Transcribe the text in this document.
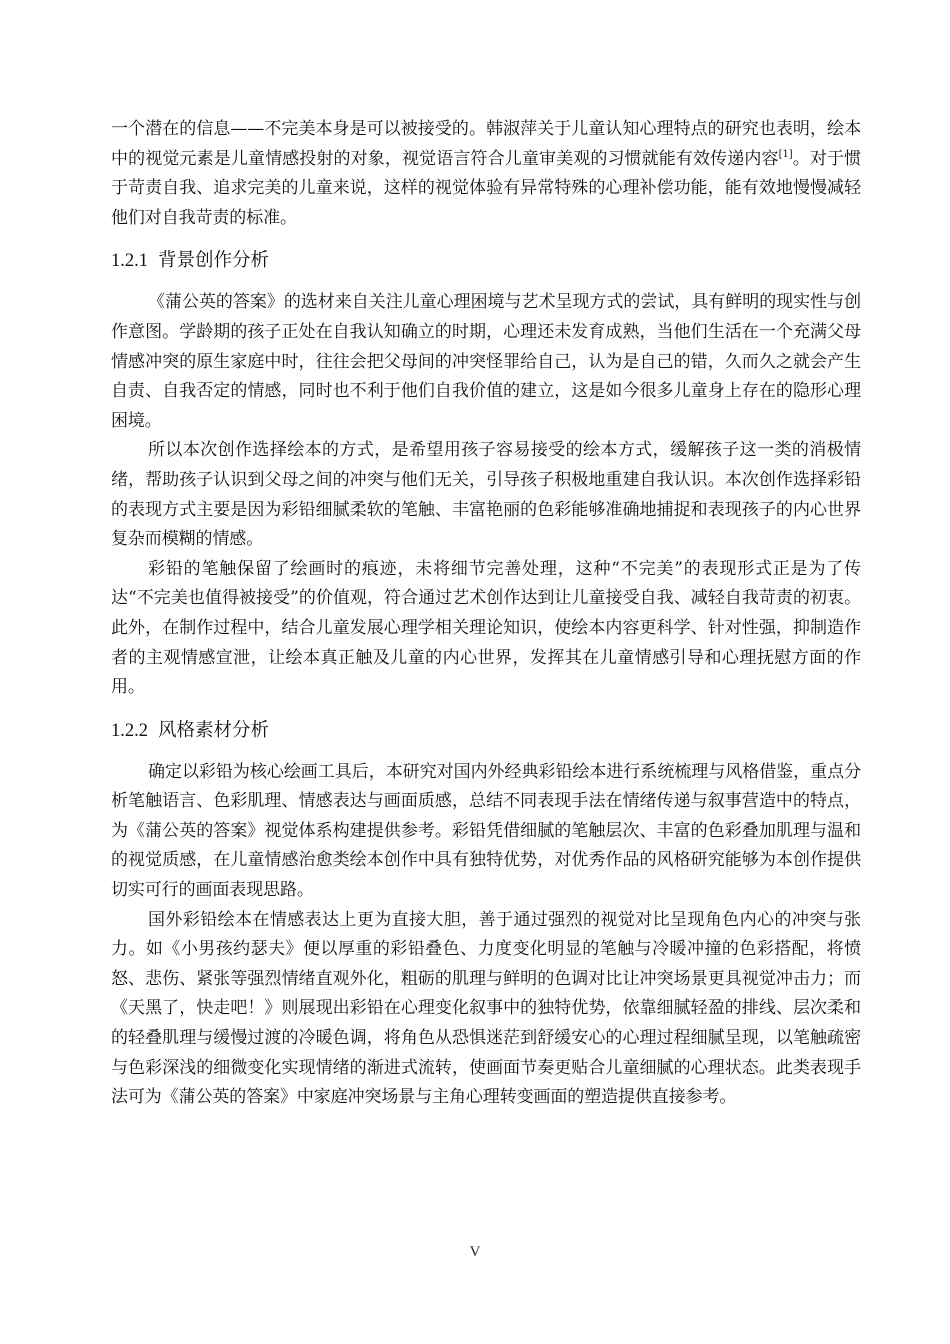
一个潜在的信息——不完美本身是可以被接受的。韩淑萍关于儿童认知心理特点的研究也表明，绘本中的视觉元素是儿童情感投射的对象，视觉语言符合儿童审美观的习惯就能有效传递内容[1]。对于惯于苛责自我、追求完美的儿童来说，这样的视觉体验有异常特殊的心理补偿功能，能有效地慢慢减轻他们对自我苛责的标准。

1.2.1 背景创作分析

《蒲公英的答案》的选材来自关注儿童心理困境与艺术呈现方式的尝试，具有鲜明的现实性与创作意图。学龄期的孩子正处在自我认知确立的时期，心理还未发育成熟，当他们生活在一个充满父母情感冲突的原生家庭中时，往往会把父母间的冲突怪罪给自己，认为是自己的错，久而久之就会产生自责、自我否定的情感，同时也不利于他们自我价值的建立，这是如今很多儿童身上存在的隐形心理困境。

所以本次创作选择绘本的方式，是希望用孩子容易接受的绘本方式，缓解孩子这一类的消极情绪，帮助孩子认识到父母之间的冲突与他们无关，引导孩子积极地重建自我认识。本次创作选择彩铅的表现方式主要是因为彩铅细腻柔软的笔触、丰富艳丽的色彩能够准确地捕捉和表现孩子的内心世界复杂而模糊的情感。

彩铅的笔触保留了绘画时的痕迹，未将细节完善处理，这种“不完美”的表现形式正是为了传达“不完美也值得被接受”的价值观，符合通过艺术创作达到让儿童接受自我、减轻自我苛责的初衷。此外，在制作过程中，结合儿童发展心理学相关理论知识，使绘本内容更科学、针对性强，抑制造作者的主观情感宣泄，让绘本真正触及儿童的内心世界，发挥其在儿童情感引导和心理抚慰方面的作用。

1.2.2 风格素材分析

确定以彩铅为核心绘画工具后，本研究对国内外经典彩铅绘本进行系统梳理与风格借鉴，重点分析笔触语言、色彩肌理、情感表达与画面质感，总结不同表现手法在情绪传递与叙事营造中的特点，为《蒲公英的答案》视觉体系构建提供参考。彩铅凭借细腻的笔触层次、丰富的色彩叠加肌理与温和的视觉质感，在儿童情感治愈类绘本创作中具有独特优势，对优秀作品的风格研究能够为本创作提供切实可行的画面表现思路。

国外彩铅绘本在情感表达上更为直接大胆，善于通过强烈的视觉对比呈现角色内心的冲突与张力。如《小男孩约瑟夫》便以厚重的彩铅叠色、力度变化明显的笔触与冷暖冲撞的色彩搭配，将愤怒、悲伤、紧张等强烈情绪直观外化，粗砺的肌理与鲜明的色调对比让冲突场景更具视觉冲击力；而《天黑了，快走吧！》则展现出彩铅在心理变化叙事中的独特优势，依靠细腻轻盈的排线、层次柔和的轻叠肌理与缓慢过渡的冷暖色调，将角色从恐惧迷茫到舒缓安心的心理过程细腻呈现，以笔触疏密与色彩深浅的细微变化实现情绪的渐进式流转，使画面节奏更贴合儿童细腻的心理状态。此类表现手法可为《蒲公英的答案》中家庭冲突场景与主角心理转变画面的塑造提供直接参考。

V
